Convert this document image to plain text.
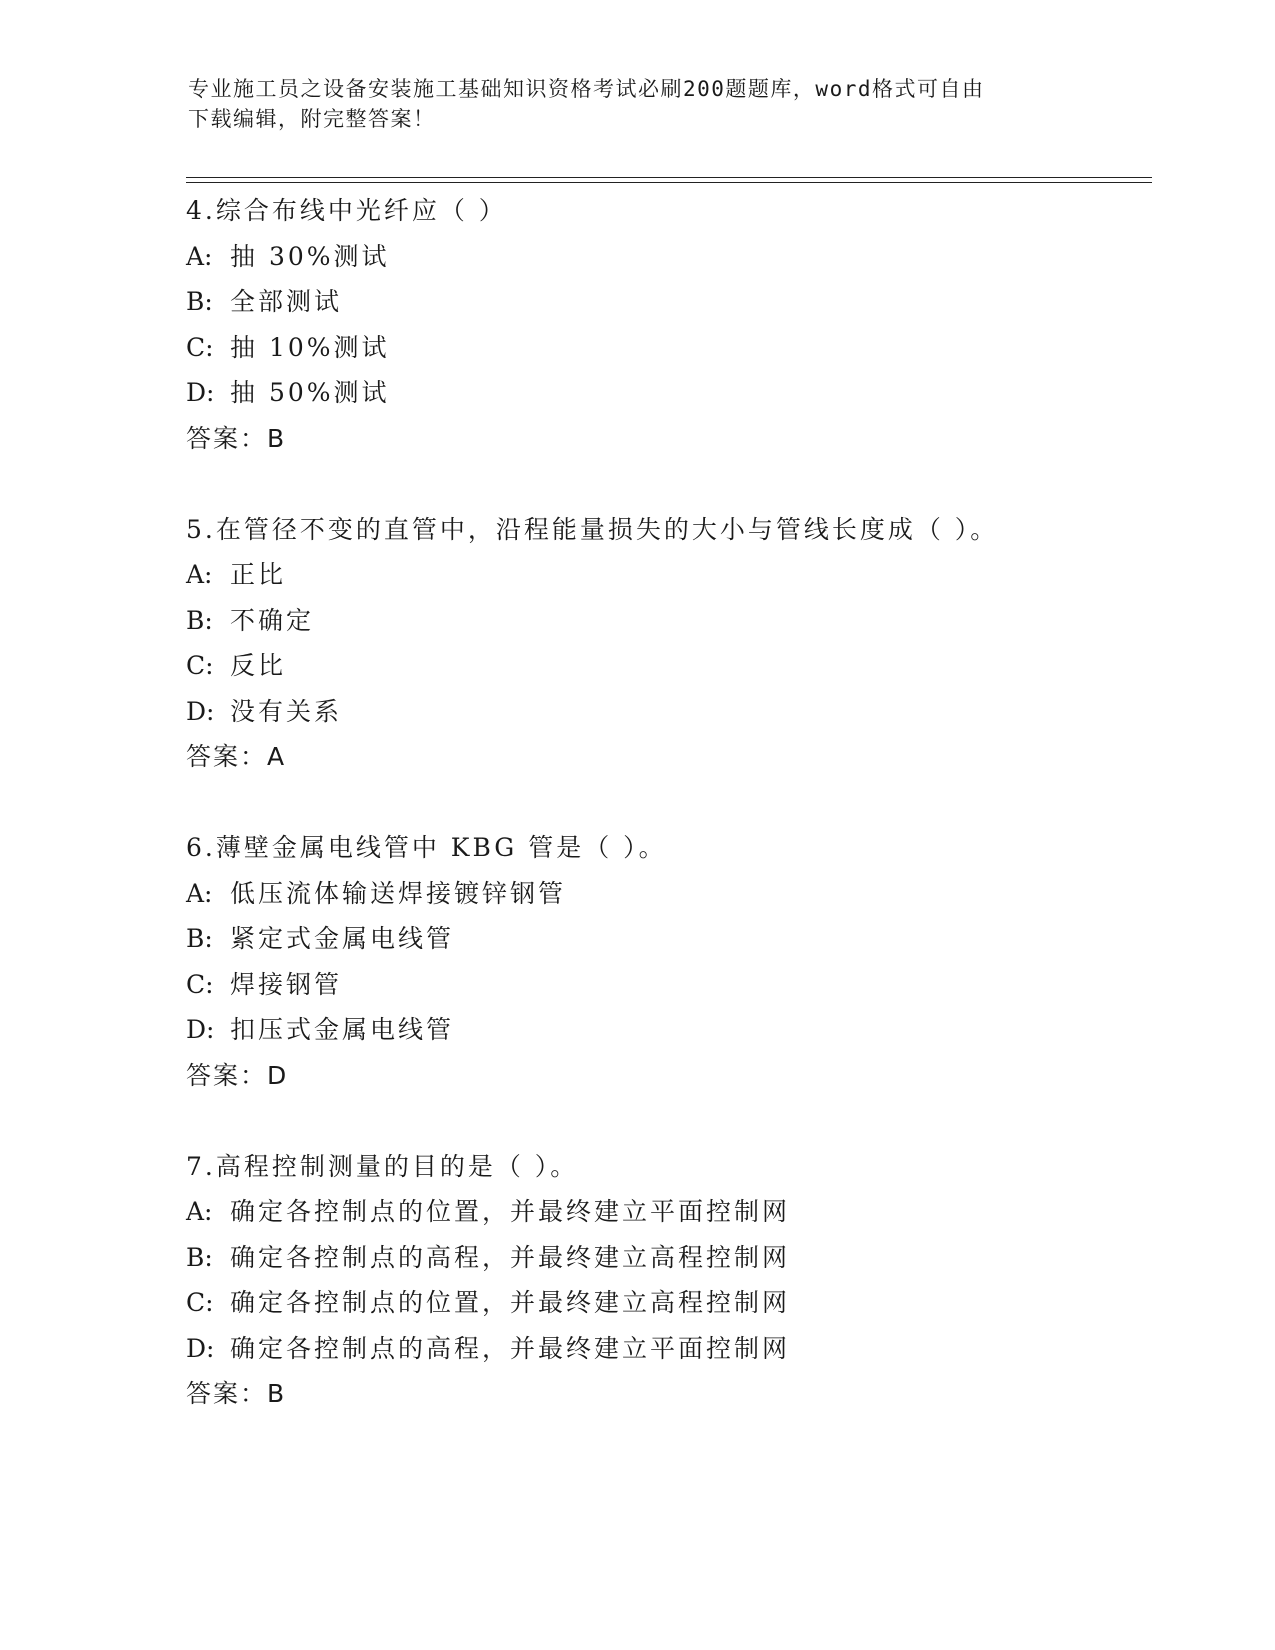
专业施工员之设备安装施工基础知识资格考试必刷200题题库，word格式可自由
下载编辑，附完整答案！
4.综合布线中光纤应（ ）
A: 抽 30%测试
B: 全部测试
C: 抽 10%测试
D: 抽 50%测试
答案：B
5.在管径不变的直管中，沿程能量损失的大小与管线长度成（ ）。
A: 正比
B: 不确定
C: 反比
D: 没有关系
答案：A
6.薄壁金属电线管中 KBG 管是（ ）。
A: 低压流体输送焊接镀锌钢管
B: 紧定式金属电线管
C: 焊接钢管
D: 扣压式金属电线管
答案：D
7.高程控制测量的目的是（ ）。
A: 确定各控制点的位置，并最终建立平面控制网
B: 确定各控制点的高程，并最终建立高程控制网
C: 确定各控制点的位置，并最终建立高程控制网
D: 确定各控制点的高程，并最终建立平面控制网
答案：B
